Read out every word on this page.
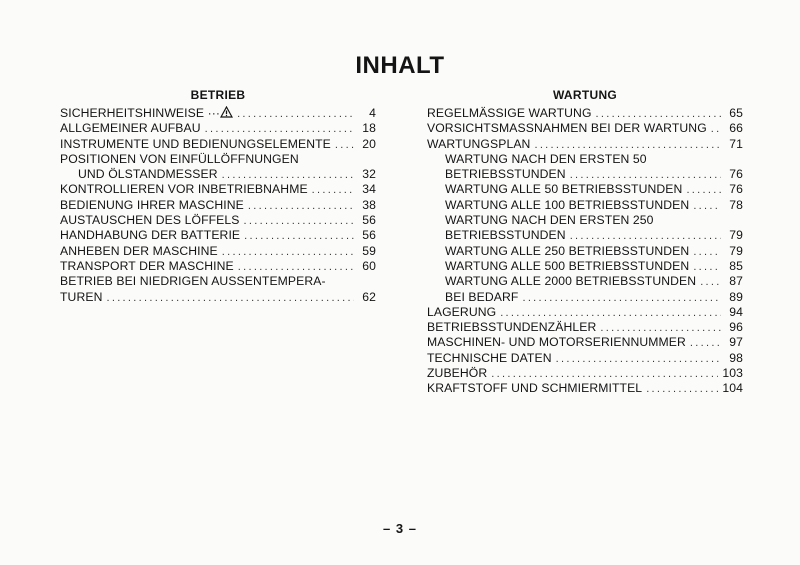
INHALT
BETRIEB
SICHERHEITSHINWEISE ··· .....	4
ALLGEMEINER AUFBAU .....	18
INSTRUMENTE UND BEDIENUNGSELEMENTE .....	20
POSITIONEN VON EINFÜLLÖFFNUNGEN
UND ÖLSTANDMESSER .....	32
KONTROLLIEREN VOR INBETRIEBNAHME .....	34
BEDIENUNG IHRER MASCHINE .....	38
AUSTAUSCHEN DES LÖFFELS .....	56
HANDHABUNG DER BATTERIE .....	56
ANHEBEN DER MASCHINE .....	59
TRANSPORT DER MASCHINE .....	60
BETRIEB BEI NIEDRIGEN AUSSENTEMPERA-
TUREN .....	62
WARTUNG
REGELMÄSSIGE WARTUNG .....	65
VORSICHTSMASSNAHMEN BEI DER WARTUNG .....	66
WARTUNGSPLAN .....	71
WARTUNG NACH DEN ERSTEN 50
BETRIEBSSTUNDEN .....	76
WARTUNG ALLE 50 BETRIEBSSTUNDEN .....	76
WARTUNG ALLE 100 BETRIEBSSTUNDEN .....	78
WARTUNG NACH DEN ERSTEN 250
BETRIEBSSTUNDEN .....	79
WARTUNG ALLE 250 BETRIEBSSTUNDEN .....	79
WARTUNG ALLE 500 BETRIEBSSTUNDEN .....	85
WARTUNG ALLE 2000 BETRIEBSSTUNDEN .....	87
BEI BEDARF .....	89
LAGERUNG .....	94
BETRIEBSSTUNDENZÄHLER .....	96
MASCHINEN- UND MOTORSERIENNUMMER .....	97
TECHNISCHE DATEN .....	98
ZUBEHÖR .....	103
KRAFTSTOFF UND SCHMIERMITTEL .....	104
– 3 –
